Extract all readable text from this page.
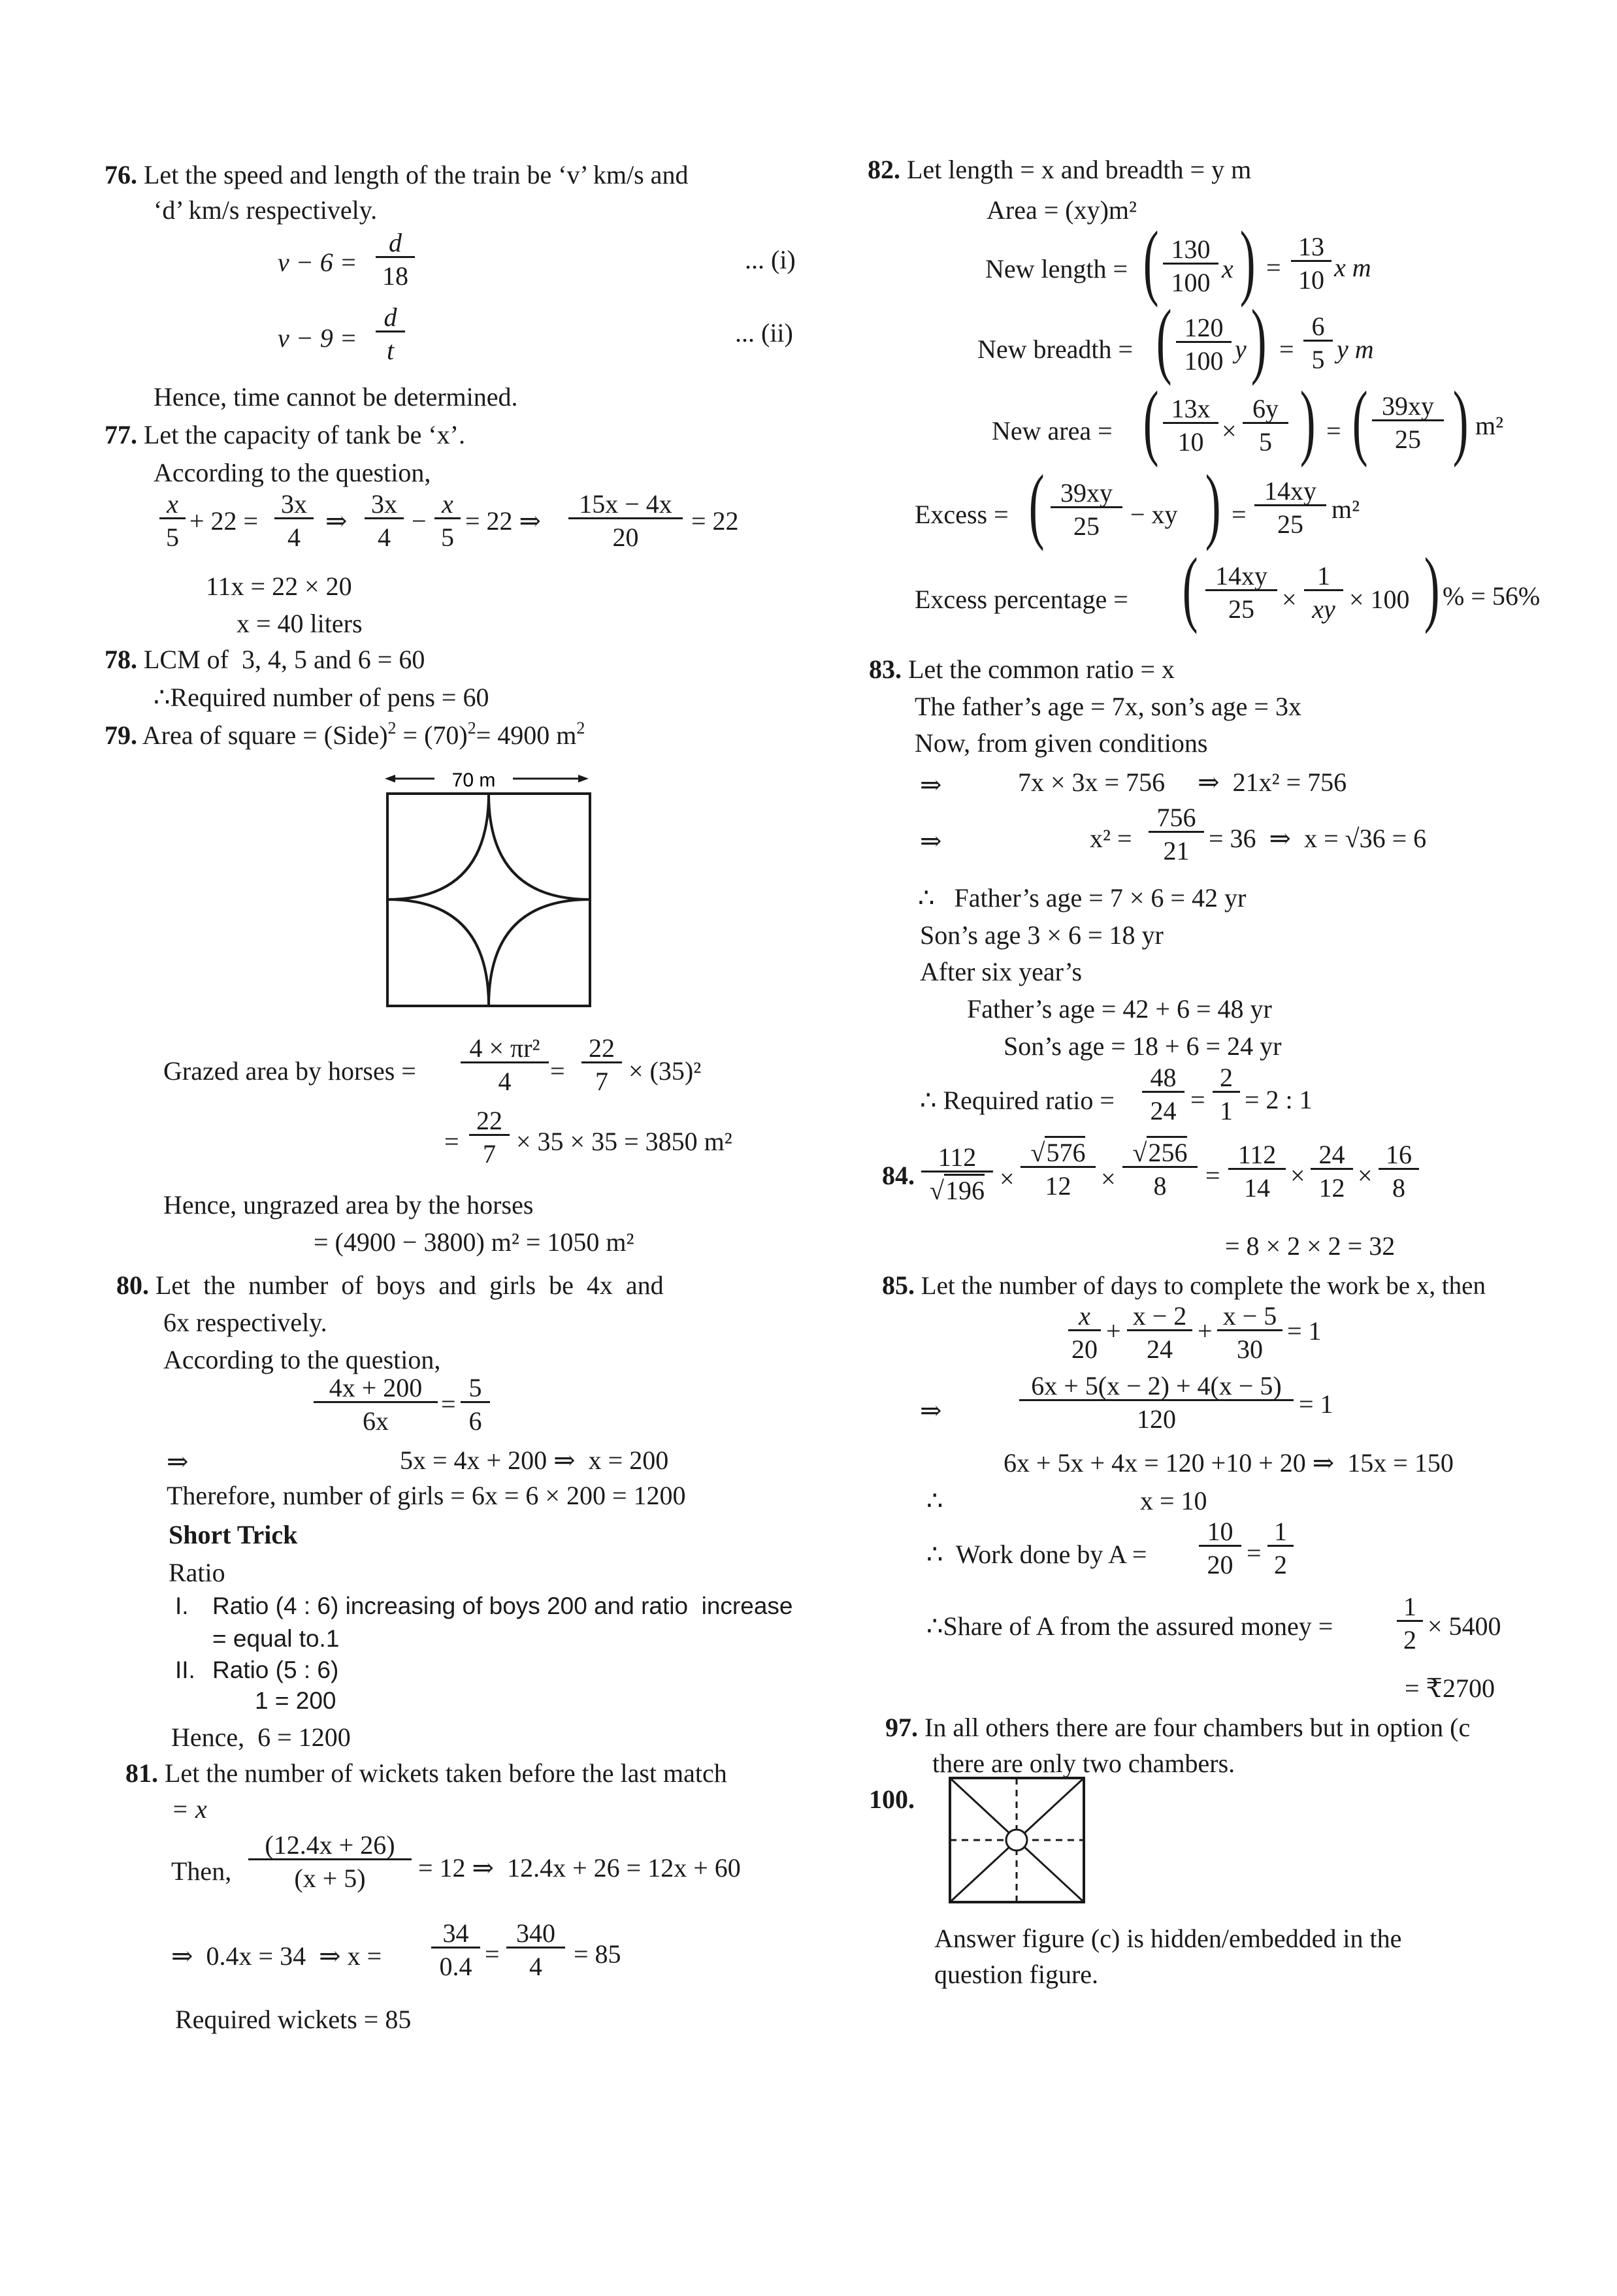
76. Let the speed and length of the train be ‘v’ km/s and
‘d’ km/s respectively.
$v - 6 = \frac{d}{18}$	... (i)
$v - 9 = \frac{d}{t}$	... (ii)
Hence, time cannot be determined.
77. Let the capacity of tank be ‘x’.
According to the question,
$\frac{x}{5} + 22 = \frac{3x}{4}$ ⇒ $\frac{3x}{4} - \frac{x}{5} = 22$ ⇒ $\frac{15x - 4x}{20} = 22$
11x = 22 × 20
x = 40 liters
78. LCM of  3, 4, 5 and 6 = 60
∴Required number of pens = 60
79. Area of square = (Side)$^2$ = $(70)^2= 4900$ $m^2$
70 m
Grazed area by horses = $\frac{\text{4 × πr²}}{4} = \frac{22}{7} \times (35)^2$
= $\frac{22}{7} \times 35 \times 35 = 3850$ m²
Hence, ungrazed area by the horses
= (4900 − 3800) m² = 1050 m²
80. Let  the  number  of  boys  and  girls  be  4x  and
6x respectively.
According to the question,
$\frac{4x + 200}{6x} = \frac{5}{6}$
⇒	5x = 4x + 200 ⇒  x = 200
Therefore, number of girls = 6x = 6 × 200 = 1200
Short Trick
Ratio
I. Ratio (4 : 6) increasing of boys 200 and ratio  increase
= equal to.1
II. Ratio (5 : 6)
1 = 200
Hence,  6 = 1200
81. Let the number of wickets taken before the last match
= x
Then, $\frac{(12.4x + 26)}{(x + 5)} = 12$ ⇒  12.4x + 26 = 12x + 60
⇒  0.4x = 34  ⇒ $x = \frac{34}{0.4} = \frac{340}{4} = 85$
Required wickets = 85
82. Let length = x and breadth = y m
Area = (xy)m²
New length = ( $\frac{130}{100}$ x ) = $\frac{13}{10}$ x m
New breadth = ( $\frac{120}{100}$ y ) = $\frac{6}{5}$ y m
New area = ( $\frac{13x}{10} \times \frac{6y}{5}$ ) = ( $\frac{39xy}{25}$ ) m²
Excess = ( $\frac{39xy}{25}$ − xy ) = $\frac{14xy}{25} m^2$
Excess percentage = ( $\frac{14xy}{25} \times \frac{1}{xy} \times 100$ ) % = 56%
83. Let the common ratio = x
The father’s age = 7x, son’s age = 3x
Now, from given conditions
⇒	7x × 3x = 756     ⇒  21x² = 756
⇒	$x^2 = \frac{756}{21} = 36$  ⇒  x = √36 = 6
∴   Father’s age = 7 × 6 = 42 yr
Son’s age 3 × 6 = 18 yr
After six year’s
Father’s age = 42 + 6 = 48 yr
Son’s age = 18 + 6 = 24 yr
∴ Required ratio = $\frac{48}{24} = \frac{2}{1} = 2$ : 1
84. $\frac{112}{√196} \times \frac{√576}{12} \times \frac{√256}{8} = \frac{112}{14} \times \frac{24}{12} \times \frac{16}{8}$
= 8 × 2 × 2 = 32
85. Let the number of days to complete the work be x, then
$\frac{x}{20} + \frac{x - 2}{24} + \frac{x - 5}{30} = 1$
⇒	$\frac{6x + 5(x - 2) + 4(x - 5)}{120} = 1$
6x + 5x + 4x = 120 +10 + 20 ⇒  15x = 150
∴	x = 10
∴  Work done by $A = \frac{10}{20} = \frac{1}{2}$
∴Share of A from the assured money = $\frac{1}{2} \times 5400$
= ₹2700
97. In all others there are four chambers but in option (c
there are only two chambers.
100.
Answer figure (c) is hidden/embedded in the
question figure.
